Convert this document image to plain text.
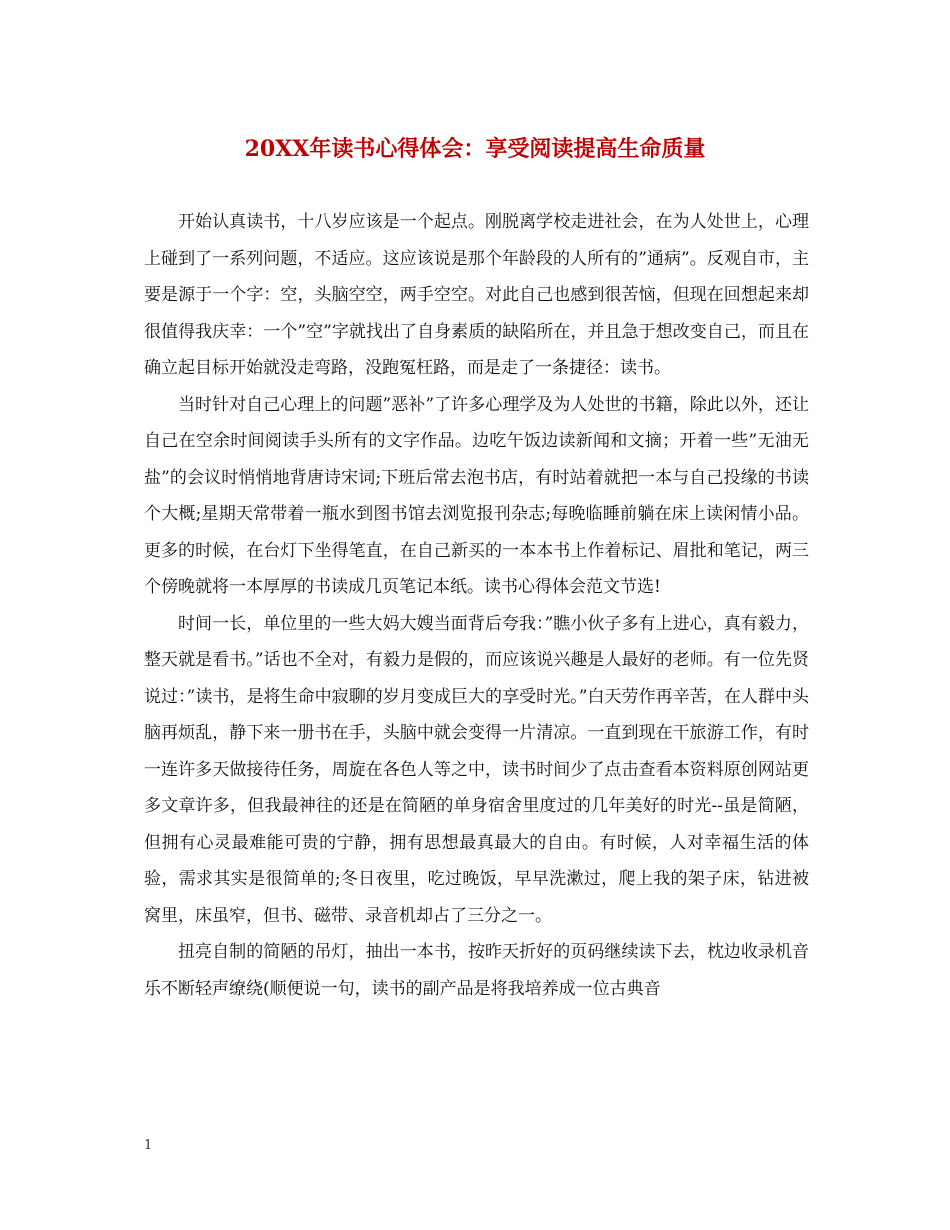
20XX年读书心得体会：享受阅读提高生命质量

开始认真读书，十八岁应该是一个起点。刚脱离学校走进社会，在为人处世上，心理上碰到了一系列问题，不适应。这应该说是那个年龄段的人所有的”通病”。反观自市，主要是源于一个字：空，头脑空空，两手空空。对此自己也感到很苦恼，但现在回想起来却很值得我庆幸：一个”空”字就找出了自身素质的缺陷所在，并且急于想改变自己，而且在确立起目标开始就没走弯路，没跑冤枉路，而是走了一条捷径：读书。

当时针对自己心理上的问题”恶补”了许多心理学及为人处世的书籍，除此以外，还让自己在空余时间阅读手头所有的文字作品。边吃午饭边读新闻和文摘；开着一些”无油无盐”的会议时悄悄地背唐诗宋词;下班后常去泡书店，有时站着就把一本与自己投缘的书读个大概;星期天常带着一瓶水到图书馆去浏览报刊杂志;每晚临睡前躺在床上读闲情小品。更多的时候，在台灯下坐得笔直，在自己新买的一本本书上作着标记、眉批和笔记，两三个傍晚就将一本厚厚的书读成几页笔记本纸。读书心得体会范文节选!

时间一长，单位里的一些大妈大嫂当面背后夸我：”瞧小伙子多有上进心，真有毅力，整天就是看书。”话也不全对，有毅力是假的，而应该说兴趣是人最好的老师。有一位先贤说过：”读书，是将生命中寂聊的岁月变成巨大的享受时光。”白天劳作再辛苦，在人群中头脑再烦乱，静下来一册书在手，头脑中就会变得一片清凉。一直到现在干旅游工作，有时一连许多天做接待任务，周旋在各色人等之中，读书时间少了点击查看本资料原创网站更多文章许多，但我最神往的还是在简陋的单身宿舍里度过的几年美好的时光--虽是简陋，但拥有心灵最难能可贵的宁静，拥有思想最真最大的自由。有时候，人对幸福生活的体验，需求其实是很简单的;冬日夜里，吃过晚饭，早早洗漱过，爬上我的架子床，钻进被窝里，床虽窄，但书、磁带、录音机却占了三分之一。

扭亮自制的简陋的吊灯，抽出一本书，按昨天折好的页码继续读下去，枕边收录机音乐不断轻声缭绕(顺便说一句，读书的副产品是将我培养成一位古典音

1
